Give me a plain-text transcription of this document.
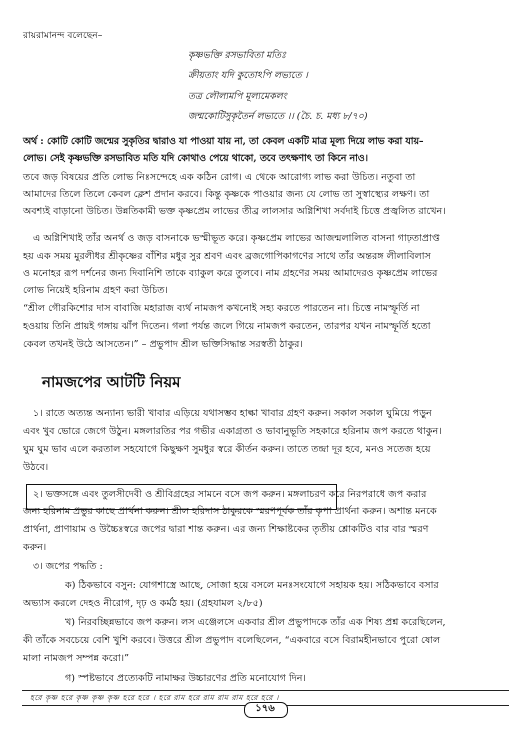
রায়রামানন্দ বলেছেন–
কৃষ্ণভক্তি রসভাবিতা মতিঃ
ক্রীয়তাং যদি কুতোঽপি লভ্যতে ।
তত্র লৌল্যমপি মূল্যমেকলং
জন্মকোটিসুকৃতৈর্ন লভ্যতে ।। (চৈ. চ. মধ্য ৮/৭০)
অর্থ : কোটি কোটি জন্মের সুকৃতির দ্বারাও যা পাওয়া যায় না, তা কেবল একটি মাত্র মূল্য দিয়ে লাভ করা যায়–
লোভ। সেই কৃষ্ণভক্তি রসভাবিত মতি যদি কোথাও পেয়ে থাকো, তবে তৎক্ষণাৎ তা কিনে নাও।
তবে জড় বিষয়ের প্রতি লোভ নিঃসন্দেহে এক কঠিন রোগ। এ থেকে আরোগ্য লাভ করা উচিত। নতুবা তা
আমাদের তিলে তিলে কেবল ক্লেশ প্রদান করবে। কিন্তু কৃষ্ণকে পাওয়ার জন্য যে লোভ তা সুস্বাস্থ্যের লক্ষণ। তা
অবশ্যই বাড়ানো উচিত। উন্নতিকামী ভক্ত কৃষ্ণপ্রেম লাভের তীব্র লালসার অগ্নিশিখা সর্বদাই চিত্তে প্রজ্বলিত রাখেন।
এ অগ্নিশিখাই তাঁর অনর্থ ও জড় বাসনাকে ভস্মীভূত করে। কৃষ্ণপ্রেম লাভের আজন্মলালিত বাসনা গাঢ়তাপ্রাপ্ত
হয় এক সময় মুরলীধর শ্রীকৃষ্ণের বাঁশির মধুর সুর শ্রবণ এবং ব্রজগোপিকাগণের সাথে তাঁর অন্তরঙ্গ লীলাবিলাস
ও মনোহর রূপ দর্শনের জন্য দিবানিশি তাকে ব্যাকুল করে তুলবে। নাম গ্রহণের সময় আমাদেরও কৃষ্ণপ্রেম লাভের
লোভ নিয়েই হরিনাম গ্রহণ করা উচিত।
“শ্রীল গৌরকিশোর দাস বাবাজি মহারাজ ব্যর্থ নামজপ কখনোই সহ্য করতে পারতেন না। চিত্তে নামস্ফূর্তি না
হওয়ায় তিনি প্রায়ই গঙ্গায় ঝাঁপ দিতেন। গলা পর্যন্ত জলে গিয়ে নামজপ করতেন, তারপর যখন নামস্ফূর্তি হতো
কেবল তখনই উঠে আসতেন।” – প্রভুপাদ শ্রীল ভক্তিসিদ্ধান্ত সরস্বতী ঠাকুর।
নামজপের আটটি নিয়ম
১। রাতে অত্যন্ত অন্যান্য ভারী খাবার এড়িয়ে যথাসম্ভব হাল্কা খাবার গ্রহণ করুন। সকাল সকাল ঘুমিয়ে পড়ুন
এবং খুব ভোরে জেগে উঠুন। মঙ্গলারতির পর গভীর একাগ্রতা ও ভাবানুভূতি সহকারে হরিনাম জপ করতে থাকুন।
ঘুম ঘুম ভাব এলে করতাল সহযোগে কিছুক্ষণ সুমধুর স্বরে কীর্তন করুন। তাতে তন্দ্রা দূর হবে, মনও সতেজ হয়ে
উঠবে।
২। ভক্তসঙ্গে এবং তুলসীদেবী ও শ্রীবিগ্রহের সামনে বসে জপ করুন। মঙ্গলাচরণ করে নিরপরাধে জপ করার
জন্য হরিনাম প্রভুর কাছে প্রার্থনা করুন। শ্রীল হরিদাস ঠাকুরকে স্মরণপূর্বক তাঁর কৃপা প্রার্থনা করুন। অশান্ত মনকে
প্রার্থনা, প্রাণায়াম ও উচ্চৈঃস্বরে জপের দ্বারা শান্ত করুন। এর জন্য শিক্ষাষ্টকের তৃতীয় শ্লোকটিও বার বার স্মরণ
করুন।
৩। জপের পদ্ধতি :
ক) ঠিকভাবে বসুন: যোগশাস্ত্রে আছে, সোজা হয়ে বসলে মনঃসংযোগে সহায়ক হয়। সঠিকভাবে বসার
অভ্যাস করলে দেহও নীরোগ, দৃঢ় ও কর্মঠ হয়। (গ্রহযামল ২/৮৫)
খ) নিরবচ্ছিন্নভাবে জপ করুন। লস এঞ্জেলসে একবার শ্রীল প্রভুপাদকে তাঁর এক শিষ্য প্রশ্ন করেছিলেন,
কী তাঁকে সবচেয়ে বেশি খুশি করবে। উত্তরে শ্রীল প্রভুপাদ বলেছিলেন, “একবারে বসে বিরামহীনভাবে পুরো ষোল
মালা নামজপ সম্পন্ন করো।”
গ) স্পষ্টভাবে প্রত্যেকটি নামাক্ষর উচ্চারণের প্রতি মনোযোগ দিন।
হরে কৃষ্ণ হরে কৃষ্ণ কৃষ্ণ কৃষ্ণ হরে হরে । হরে রাম হরে রাম রাম রাম হরে হরে ।
১৭৬
